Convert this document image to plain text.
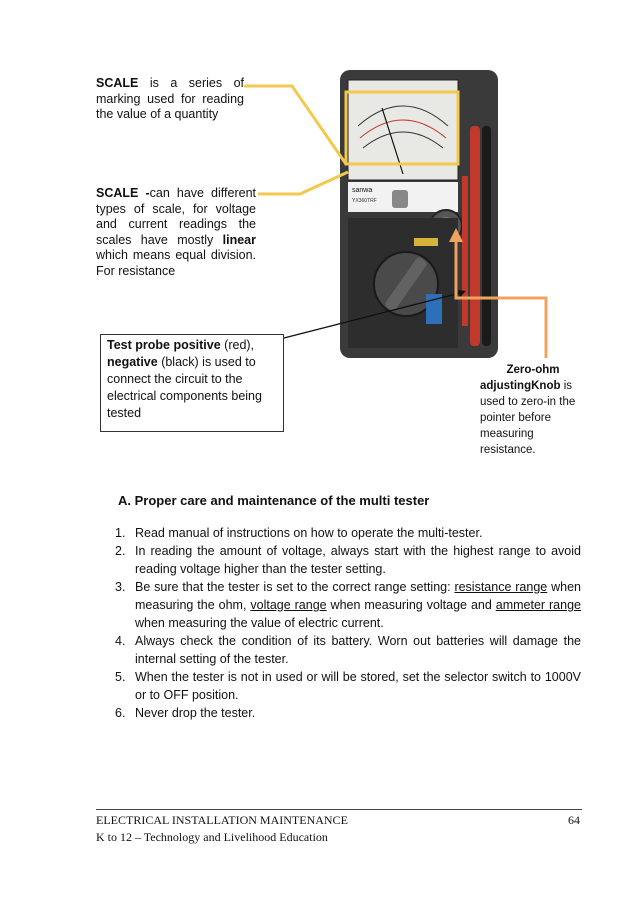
SCALE is a series of marking used for reading the value of a quantity
SCALE -can have different types of scale, for voltage and current readings the scales have mostly linear which means equal division. For resistance
sanwa
YX360TRF
Test probe positive (red),
negative (black) is used to connect the circuit to the electrical components being tested
Zero-ohm
adjustingKnob is used to zero-in the pointer before measuring resistance.
A. Proper care and maintenance of the multi tester
1. Read manual of instructions on how to operate the multi-tester.
2. In reading the amount of voltage, always start with the highest range to avoid reading voltage higher than the tester setting.
3. Be sure that the tester is set to the correct range setting: resistance range when measuring the ohm, voltage range when measuring voltage and ammeter range when measuring the value of electric current.
4. Always check the condition of its battery. Worn out batteries will damage the internal setting of the tester.
5. When the tester is not in used or will be stored, set the selector switch to 1000V or to OFF position.
6. Never drop the tester.
ELECTRICAL INSTALLATION MAINTENANCE	64
K to 12 – Technology and Livelihood Education
